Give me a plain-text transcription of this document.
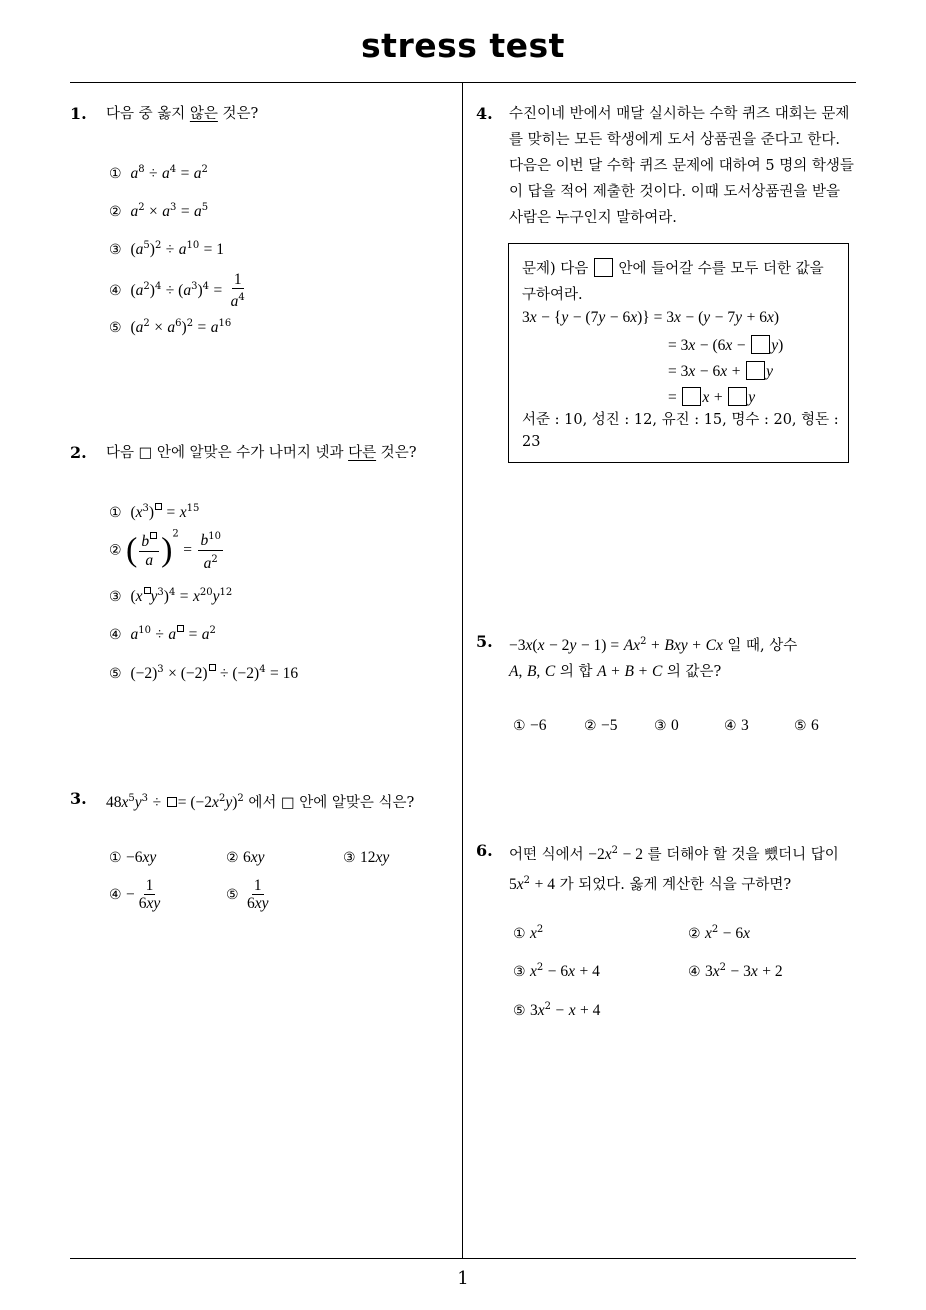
stress test
1
1. 다음 중 옳지 않은 것은?
① $a^8 \div a^4 = a^2$
② $a^2 \times a^3 = a^5$
③ $(a^5)^2 \div a^{10} = 1$
④ $(a^2)^4 \div (a^3)^4 = \frac{1}{a^4}$
⑤ $(a^2 \times a^6)^2 = a^{16}$
2. 다음 □ 안에 알맞은 수가 나머지 넷과 다른 것은?
① $(x^3) = x^{15}$
② ( $\frac{b}{a} )^2 = \frac{b^{10}}{a^2}$
③ (x $y^3)^4 = x^{20}y^{12}$
④ $a^{10} \div a = a^2$
⑤ $(-2)^3 \times (-2) \div (-2)^4 = 16$
3. $48x^5y^3$ ÷ = $(-2x^2y)^2$ 에서 □ 안에 알맞은 식은?
① −6xy	② 6xy	③ 12xy
④ − $\frac{1}{6xy}$	⑤ $\frac{1}{6xy}$
4. 수진이네 반에서 매달 실시하는 수학 퀴즈 대회는 문제
를 맞히는 모든 학생에게 도서 상품권을 준다고 한다.
다음은 이번 달 수학 퀴즈 문제에 대하여 5 명의 학생들
이 답을 적어 제출한 것이다. 이때 도서상품권을 받을
사람은 누구인지 말하여라.
문제) 다음  안에 들어갈 수를 모두 더한 값을
구하여라.
3x − {y − (7y − 6x)} = 3x − (y − 7y + 6x)
= 3x − (6x − y)
= 3x − 6x + y
= x + y
서준 : 10, 성진 : 12, 유진 : 15, 명수 : 20, 형돈 :
23
5. $-3x(x - 2y - 1) = Ax^2$ + Bxy + Cx 일 때, 상수
A, B, C 의 합 A + B + C 의 값은?
① −6	② −5	③ 0	④ 3	⑤ 6
6. 어떤 식에서 $-2x^2 - 2$ 를 더해야 할 것을 뺐더니 답이
$5x^2 + 4$ 가 되었다. 옳게 계산한 식을 구하면?
① $x^2$	② $x^2 - 6x$
③ $x^2 - 6x + 4$	④ $3x^2 - 3x + 2$
⑤ $3x^2 - x + 4$
